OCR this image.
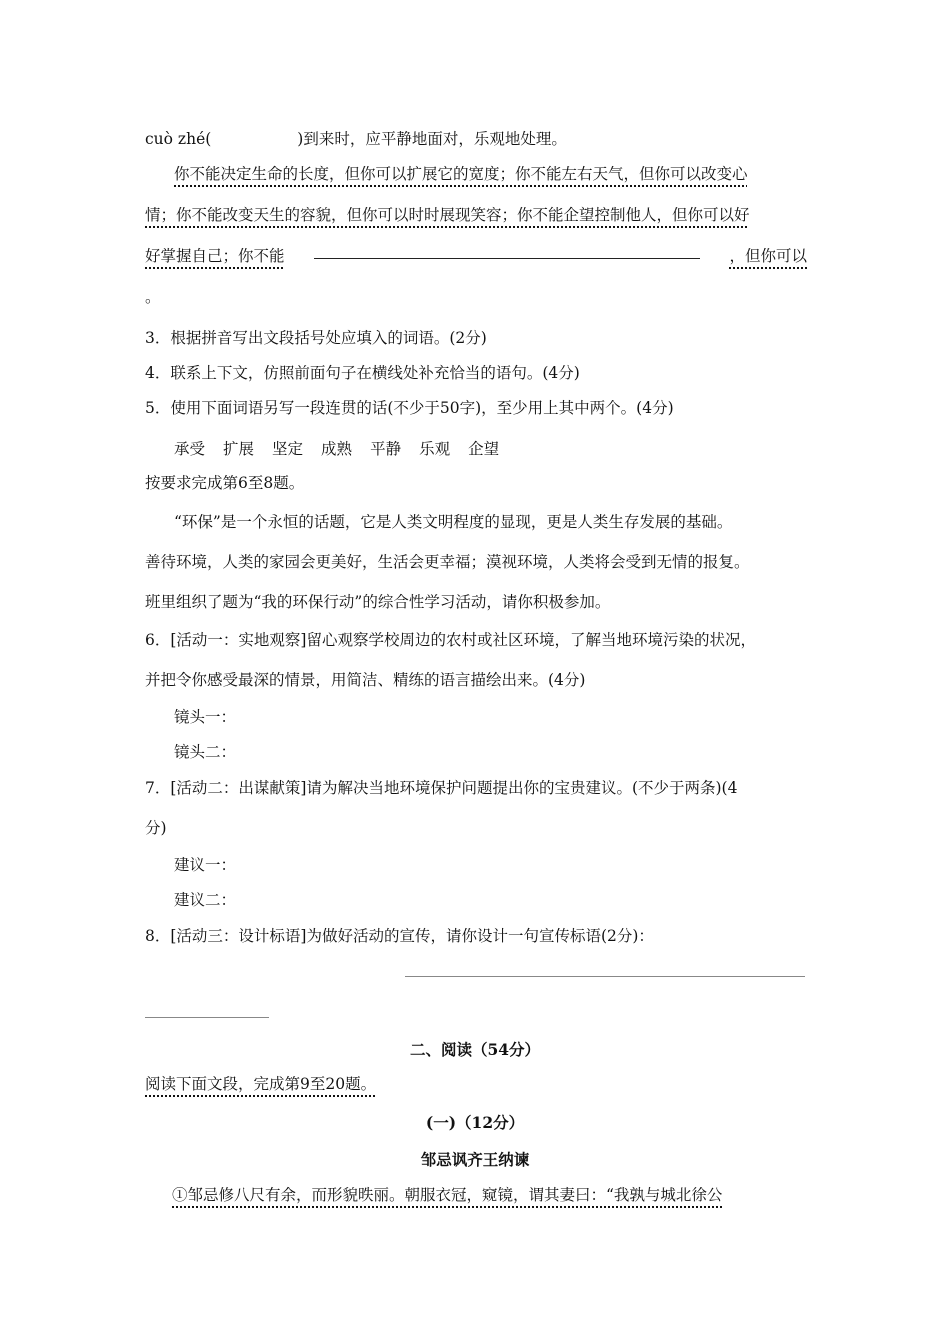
cuò zhé(	)到来时，应平静地面对，乐观地处理。
你不能决定生命的长度，但你可以扩展它的宽度；你不能左右天气，但你可以改变心
情；你不能改变天生的容貌，但你可以时时展现笑容；你不能企望控制他人，但你可以好
好掌握自己；你不能	，但你可以
。
3．根据拼音写出文段括号处应填入的词语。(2分)
4．联系上下文，仿照前面句子在横线处补充恰当的语句。(4分)
5．使用下面词语另写一段连贯的话(不少于50字)，至少用上其中两个。(4分)
承受 扩展 坚定 成熟 平静 乐观 企望
按要求完成第6至8题。
“环保”是一个永恒的话题，它是人类文明程度的显现，更是人类生存发展的基础。
善待环境，人类的家园会更美好，生活会更幸福；漠视环境，人类将会受到无情的报复。
班里组织了题为“我的环保行动”的综合性学习活动，请你积极参加。
6．[活动一：实地观察]留心观察学校周边的农村或社区环境，了解当地环境污染的状况，
并把令你感受最深的情景，用简洁、精练的语言描绘出来。(4分)
镜头一：
镜头二：
7．[活动二：出谋献策]请为解决当地环境保护问题提出你的宝贵建议。(不少于两条)(4
分)
建议一：
建议二：
8．[活动三：设计标语]为做好活动的宣传，请你设计一句宣传标语(2分)：
二、阅读（54分）
阅读下面文段，完成第9至20题。
(一)（12分）
邹忌讽齐王纳谏
①邹忌修八尺有余，而形貌昳丽。朝服衣冠，窥镜，谓其妻曰：“我孰与城北徐公
